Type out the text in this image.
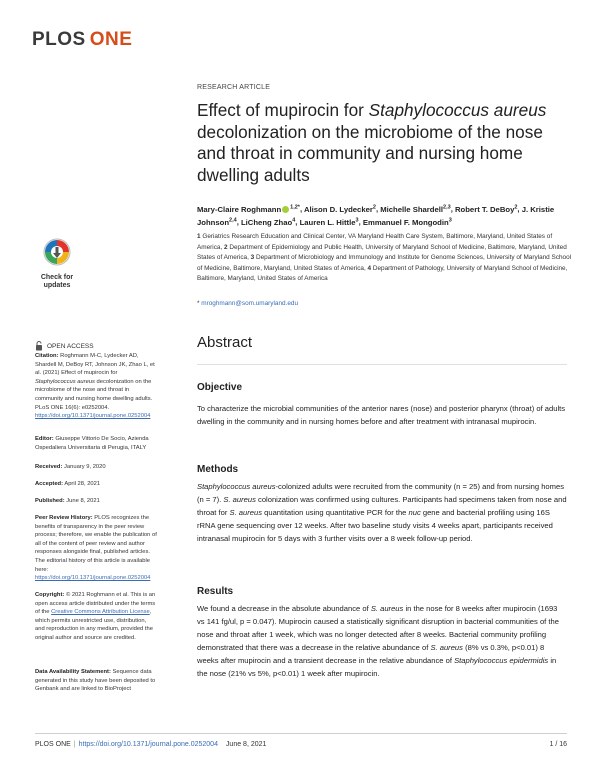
PLOS ONE
RESEARCH ARTICLE
Effect of mupirocin for Staphylococcus aureus decolonization on the microbiome of the nose and throat in community and nursing home dwelling adults
Mary-Claire Roghmann $^{1,2*}$, Alison D. Lydecker$^2$, Michelle Shardell$^{2,3}$, Robert T. DeBoy$^2$, J. Kristie Johnson$^{2,4}$, LiCheng Zhao$^4$, Lauren L. Hittle$^3$, Emmanuel F. Mongodin$^3$
1 Geriatrics Research Education and Clinical Center, VA Maryland Health Care System, Baltimore, Maryland, United States of America, 2 Department of Epidemiology and Public Health, University of Maryland School of Medicine, Baltimore, Maryland, United States of America, 3 Department of Microbiology and Immunology and Institute for Genome Sciences, University of Maryland School of Medicine, Baltimore, Maryland, United States of America, 4 Department of Pathology, University of Maryland School of Medicine, Baltimore, Maryland, United States of America
* mroghmann@som.umaryland.edu
Check for
updates
OPEN ACCESS
Citation: Roghmann M-C, Lydecker AD, Shardell M, DeBoy RT, Johnson JK, Zhao L, et al. (2021) Effect of mupirocin for Staphylococcus aureus decolonization on the microbiome of the nose and throat in community and nursing home dwelling adults. PLoS ONE 16(6): e0252004. https://doi.org/10.1371/journal.pone.0252004
Editor: Giuseppe Vittorio De Socio, Azienda Ospedaliera Universitaria di Perugia, ITALY
Received: January 9, 2020
Accepted: April 28, 2021
Published: June 8, 2021
Peer Review History: PLOS recognizes the benefits of transparency in the peer review process; therefore, we enable the publication of all of the content of peer review and author responses alongside final, published articles. The editorial history of this article is available here: https://doi.org/10.1371/journal.pone.0252004
Copyright: © 2021 Roghmann et al. This is an open access article distributed under the terms of the Creative Commons Attribution License, which permits unrestricted use, distribution, and reproduction in any medium, provided the original author and source are credited.
Data Availability Statement: Sequence data generated in this study have been deposited to Genbank and are linked to BioProject
Abstract
Objective
To characterize the microbial communities of the anterior nares (nose) and posterior pharynx (throat) of adults dwelling in the community and in nursing homes before and after treatment with intranasal mupirocin.
Methods
Staphylococcus aureus-colonized adults were recruited from the community (n = 25) and from nursing homes (n = 7). S. aureus colonization was confirmed using cultures. Participants had specimens taken from nose and throat for S. aureus quantitation using quantitative PCR for the nuc gene and bacterial profiling using 16S rRNA gene sequencing over 12 weeks. After two baseline study visits 4 weeks apart, participants received intranasal mupirocin for 5 days with 3 further visits over a 8 week follow-up period.
Results
We found a decrease in the absolute abundance of S. aureus in the nose for 8 weeks after mupirocin (1693 vs 141 fg/ul, p = 0.047). Mupirocin caused a statistically significant disruption in bacterial communities of the nose and throat after 1 week, which was no longer detected after 8 weeks. Bacterial community profiling demonstrated that there was a decrease in the relative abundance of S. aureus (8% vs 0.3%, p<0.01) 8 weeks after mupirocin and a transient decrease in the relative abundance of Staphylococcus epidermidis in the nose (21% vs 5%, p<0.01) 1 week after mupirocin.
PLOS ONE | https://doi.org/10.1371/journal.pone.0252004 June 8, 2021	1 / 16
